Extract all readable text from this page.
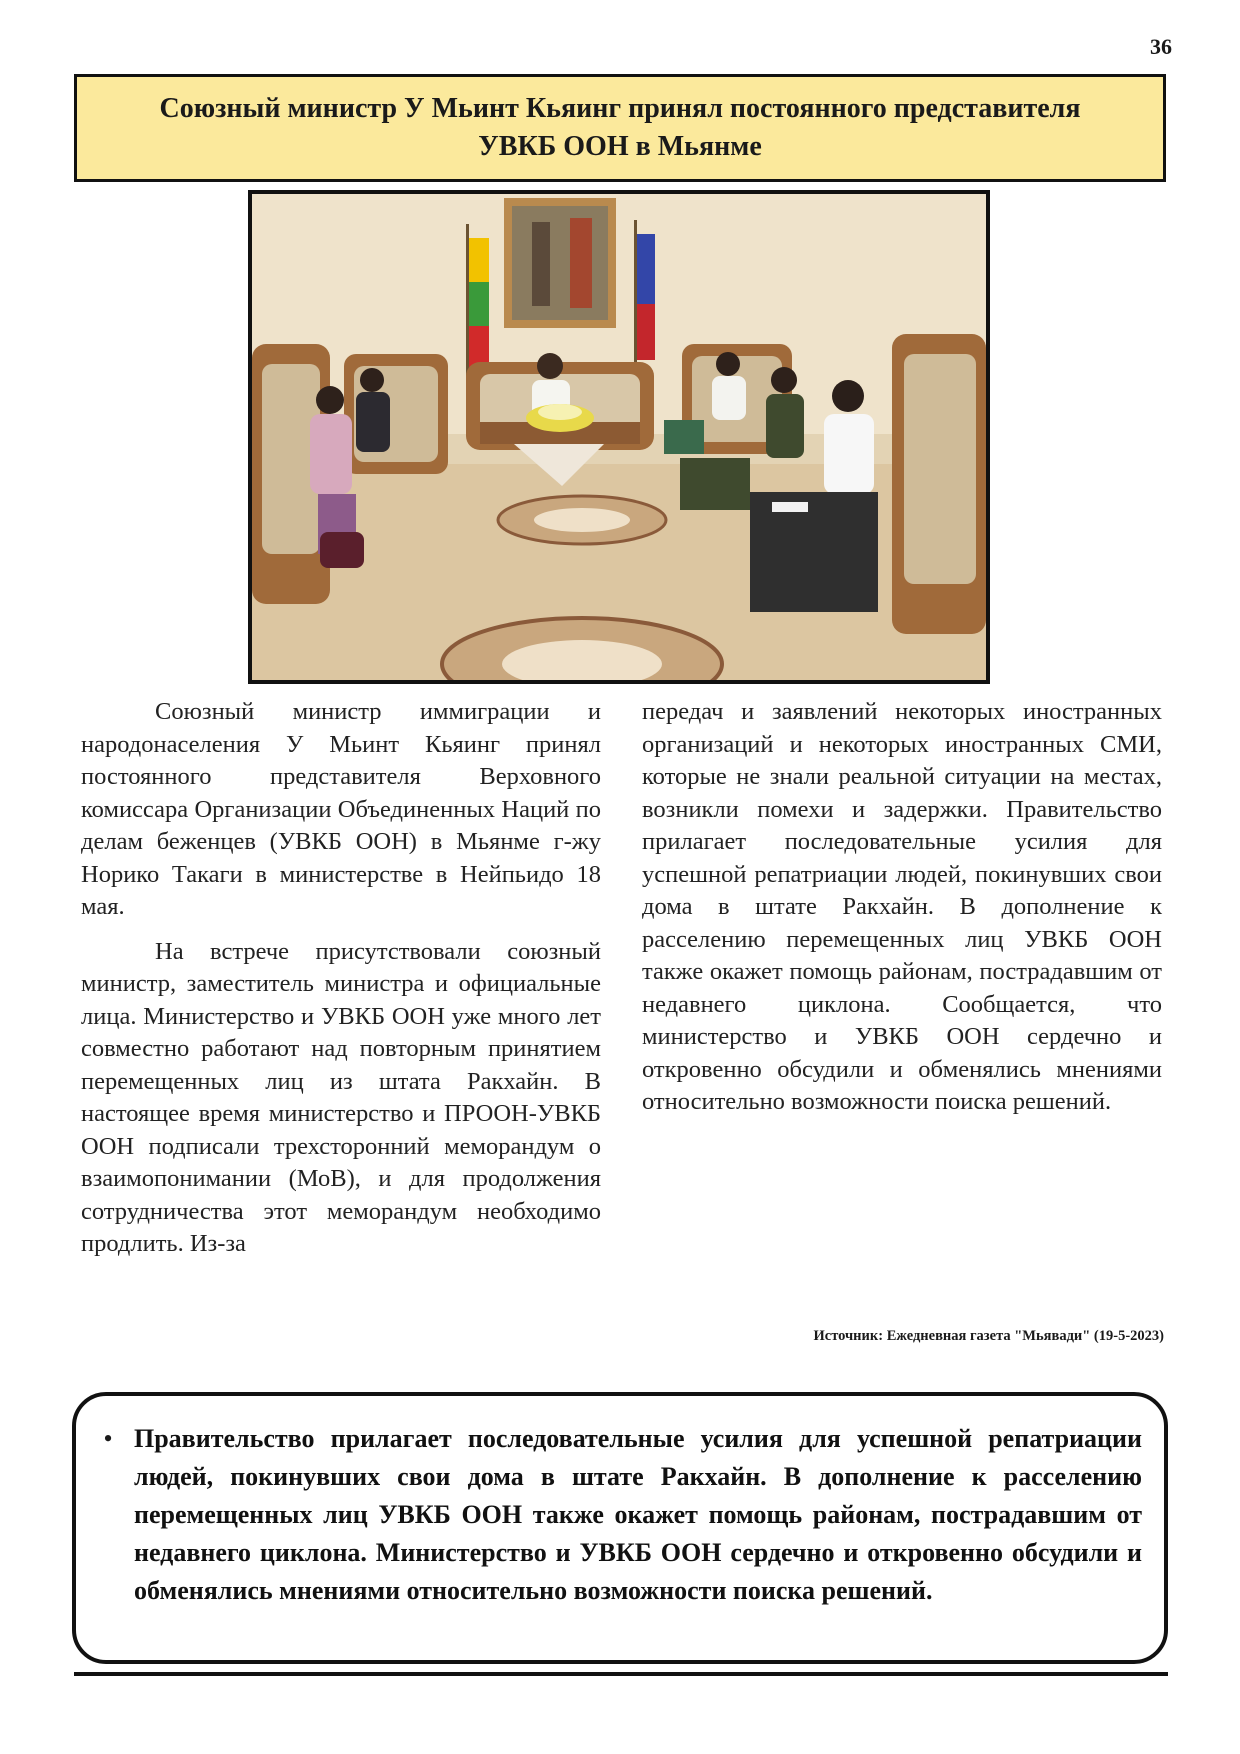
36
Союзный министр У Мьинт Кьяинг принял постоянного представителя
УВКБ ООН в Мьянме

Союзный министр иммиграции и народонаселения У Мьинт Кьяинг принял постоянного представителя Верховного комиссара Организации Объединенных Наций по делам беженцев (УВКБ ООН) в Мьянме г-жу Норико Такаги в министерстве в Нейпьидо 18 мая.

На встрече присутствовали союзный министр, заместитель министра и официальные лица. Министерство и УВКБ ООН уже много лет совместно работают над повторным принятием перемещенных лиц из штата Ракхайн. В настоящее время министерство и ПРООН-УВКБ ООН подписали трехсторонний меморандум о взаимопонимании (МоВ), и для продолжения сотрудничества этот меморандум необходимо продлить. Из-за

передач и заявлений некоторых иностранных организаций и некоторых иностранных СМИ, которые не знали реальной ситуации на местах, возникли помехи и задержки. Правительство прилагает последовательные усилия для успешной репатриации людей, покинувших свои дома в штате Ракхайн. В дополнение к расселению перемещенных лиц УВКБ ООН также окажет помощь районам, пострадавшим от недавнего циклона. Сообщается, что министерство и УВКБ ООН сердечно и откровенно обсудили и обменялись мнениями относительно возможности поиска решений.

Источник: Ежедневная газета "Мьявади" (19-5-2023)
• Правительство прилагает последовательные усилия для успешной репатриации людей, покинувших свои дома в штате Ракхайн. В дополнение к расселению перемещенных лиц УВКБ ООН также окажет помощь районам, пострадавшим от недавнего циклона. Министерство и УВКБ ООН сердечно и откровенно обсудили и обменялись мнениями относительно возможности поиска решений.
